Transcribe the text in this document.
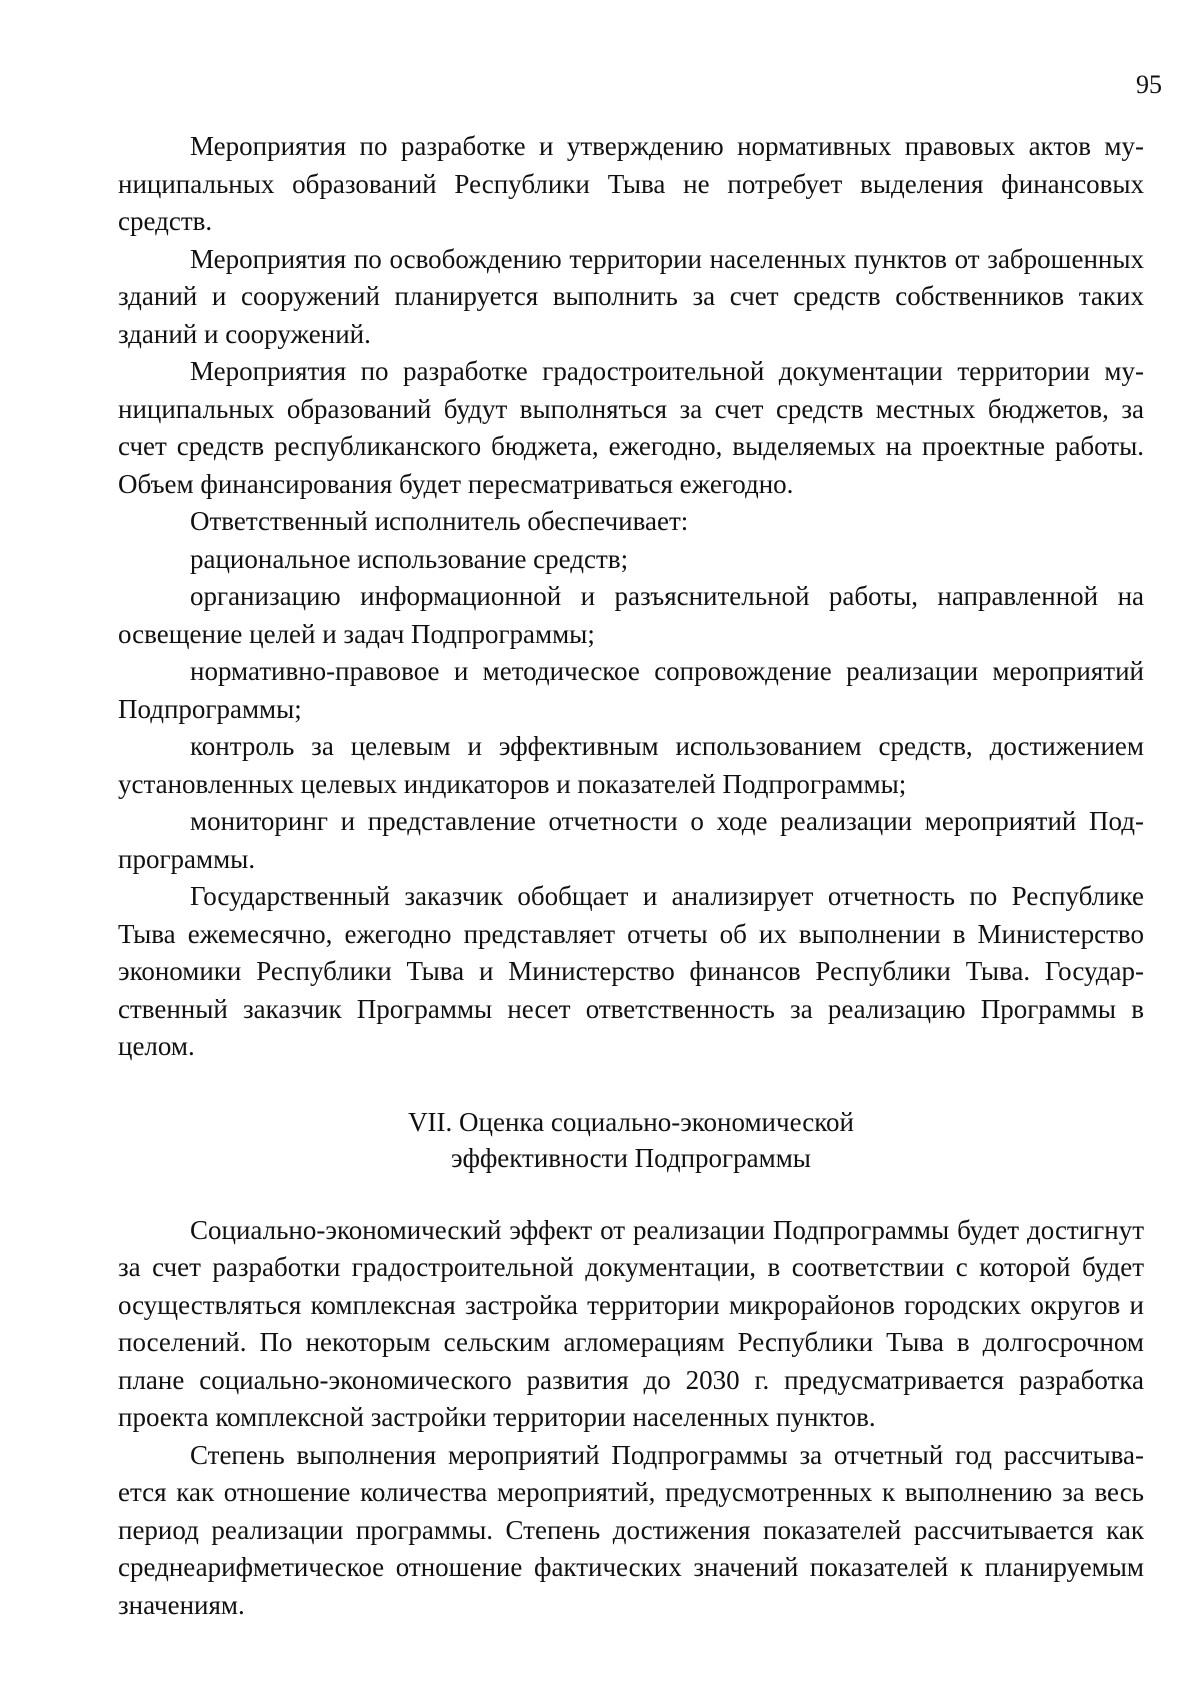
95

Мероприятия по разработке и утверждению нормативных правовых актов муниципальных образований Республики Тыва не потребует выделения финансовых средств.

Мероприятия по освобождению территории населенных пунктов от заброшенных зданий и сооружений планируется выполнить за счет средств собственников таких зданий и сооружений.

Мероприятия по разработке градостроительной документации территории муниципальных образований будут выполняться за счет средств местных бюджетов, за счет средств республиканского бюджета, ежегодно, выделяемых на проектные работы. Объем финансирования будет пересматриваться ежегодно.

Ответственный исполнитель обеспечивает:

рациональное использование средств;

организацию информационной и разъяснительной работы, направленной на освещение целей и задач Подпрограммы;

нормативно-правовое и методическое сопровождение реализации мероприятий Подпрограммы;

контроль за целевым и эффективным использованием средств, достижением установленных целевых индикаторов и показателей Подпрограммы;

мониторинг и представление отчетности о ходе реализации мероприятий Подпрограммы.

Государственный заказчик обобщает и анализирует отчетность по Республике Тыва ежемесячно, ежегодно представляет отчеты об их выполнении в Министерство экономики Республики Тыва и Министерство финансов Республики Тыва. Государственный заказчик Программы несет ответственность за реализацию Программы в целом.

VII. Оценка социально-экономической
эффективности Подпрограммы

Социально-экономический эффект от реализации Подпрограммы будет достигнут за счет разработки градостроительной документации, в соответствии с которой будет осуществляться комплексная застройка территории микрорайонов городских округов и поселений. По некоторым сельским агломерациям Республики Тыва в долгосрочном плане социально-экономического развития до 2030 г. предусматривается разработка проекта комплексной застройки территории населенных пунктов.

Степень выполнения мероприятий Подпрограммы за отчетный год рассчитывается как отношение количества мероприятий, предусмотренных к выполнению за весь период реализации программы. Степень достижения показателей рассчитывается как среднеарифметическое отношение фактических значений показателей к планируемым значениям.
